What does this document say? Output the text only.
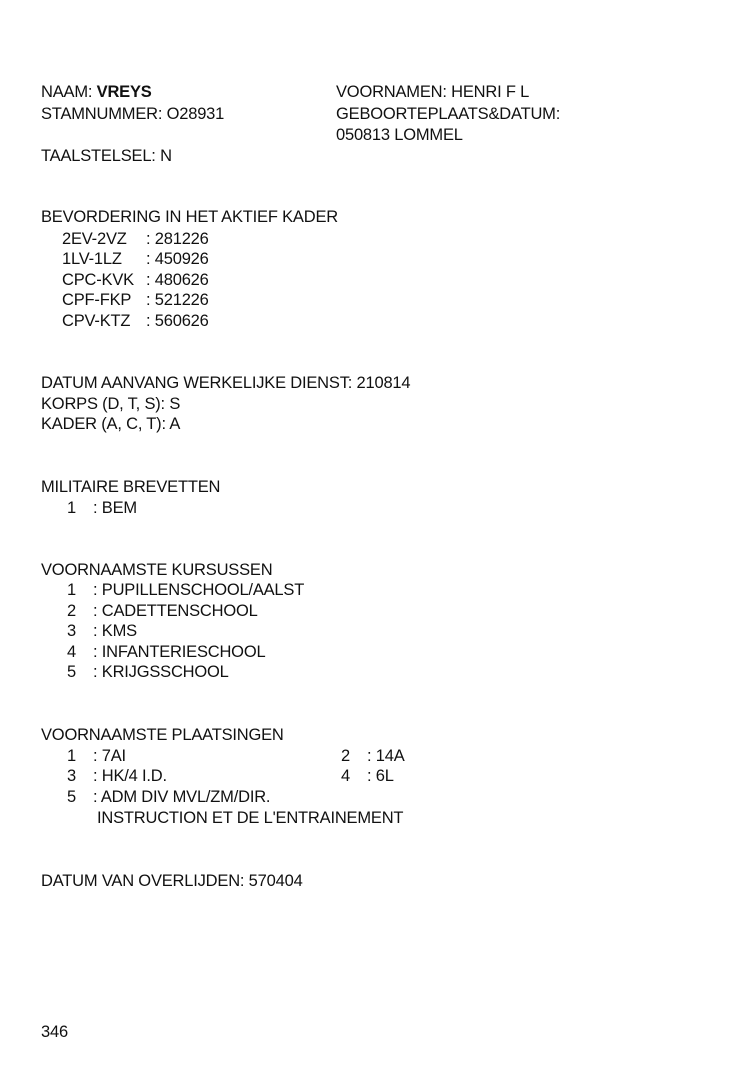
NAAM: VREYS
STAMNUMMER: O28931
TAALSTELSEL: N
VOORNAMEN: HENRI F L
GEBOORTEPLAATS&DATUM:
050813 LOMMEL
BEVORDERING IN HET AKTIEF KADER
2EV-2VZ : 281226
1LV-1LZ : 450926
CPC-KVK : 480626
CPF-FKP : 521226
CPV-KTZ : 560626
DATUM AANVANG WERKELIJKE DIENST: 210814
KORPS (D, T, S): S
KADER (A, C, T): A
MILITAIRE BREVETTEN
1 : BEM
VOORNAAMSTE KURSUSSEN
1 : PUPILLENSCHOOL/AALST
2 : CADETTENSCHOOL
3 : KMS
4 : INFANTERIESCHOOL
5 : KRIJGSSCHOOL
VOORNAAMSTE PLAATSINGEN
1 : 7AI	2 : 14A
3 : HK/4 I.D.	4 : 6L
5 : ADM DIV MVL/ZM/DIR.
INSTRUCTION ET DE L'ENTRAINEMENT
DATUM VAN OVERLIJDEN: 570404
346
